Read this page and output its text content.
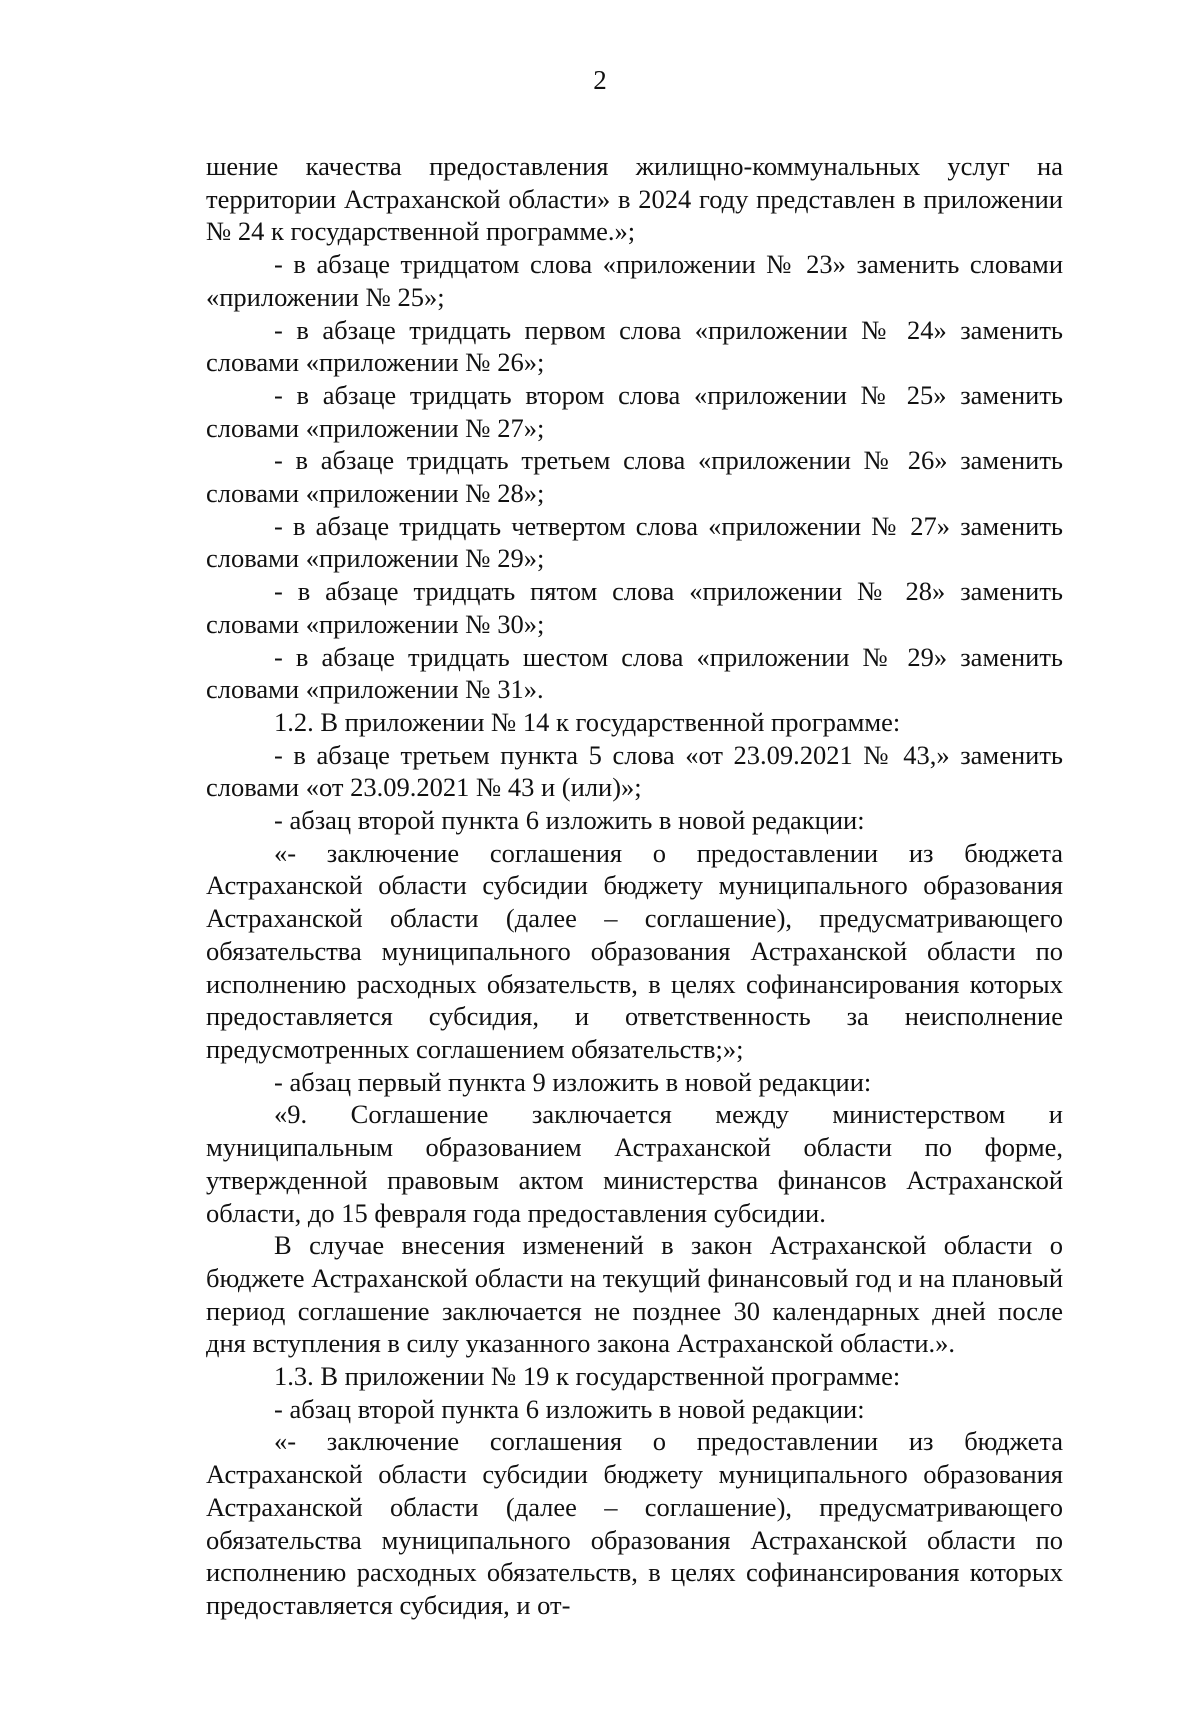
2

шение качества предоставления жилищно-коммунальных услуг на территории Астраханской области» в 2024 году представлен в приложении № 24 к государственной программе.»;

- в абзаце тридцатом слова «приложении № 23» заменить словами «приложении № 25»;

- в абзаце тридцать первом слова «приложении № 24» заменить словами «приложении № 26»;

- в абзаце тридцать втором слова «приложении № 25» заменить словами «приложении № 27»;

- в абзаце тридцать третьем слова «приложении № 26» заменить словами «приложении № 28»;

- в абзаце тридцать четвертом слова «приложении № 27» заменить словами «приложении № 29»;

- в абзаце тридцать пятом слова «приложении № 28» заменить словами «приложении № 30»;

- в абзаце тридцать шестом слова «приложении № 29» заменить словами «приложении № 31».

1.2. В приложении № 14 к государственной программе:

- в абзаце третьем пункта 5 слова «от 23.09.2021 № 43,» заменить словами «от 23.09.2021 № 43 и (или)»;

- абзац второй пункта 6 изложить в новой редакции:

«- заключение соглашения о предоставлении из бюджета Астраханской области субсидии бюджету муниципального образования Астраханской области (далее – соглашение), предусматривающего обязательства муниципального образования Астраханской области по исполнению расходных обязательств, в целях софинансирования которых предоставляется субсидия, и ответственность за неисполнение предусмотренных соглашением обязательств;»;

- абзац первый пункта 9 изложить в новой редакции:

«9. Соглашение заключается между министерством и муниципальным образованием Астраханской области по форме, утвержденной правовым актом министерства финансов Астраханской области, до 15 февраля года предоставления субсидии.

В случае внесения изменений в закон Астраханской области о бюджете Астраханской области на текущий финансовый год и на плановый период соглашение заключается не позднее 30 календарных дней после дня вступления в силу указанного закона Астраханской области.».

1.3. В приложении № 19 к государственной программе:

- абзац второй пункта 6 изложить в новой редакции:

«- заключение соглашения о предоставлении из бюджета Астраханской области субсидии бюджету муниципального образования Астраханской области (далее – соглашение), предусматривающего обязательства муниципального образования Астраханской области по исполнению расходных обязательств, в целях софинансирования которых предоставляется субсидия, и от-
